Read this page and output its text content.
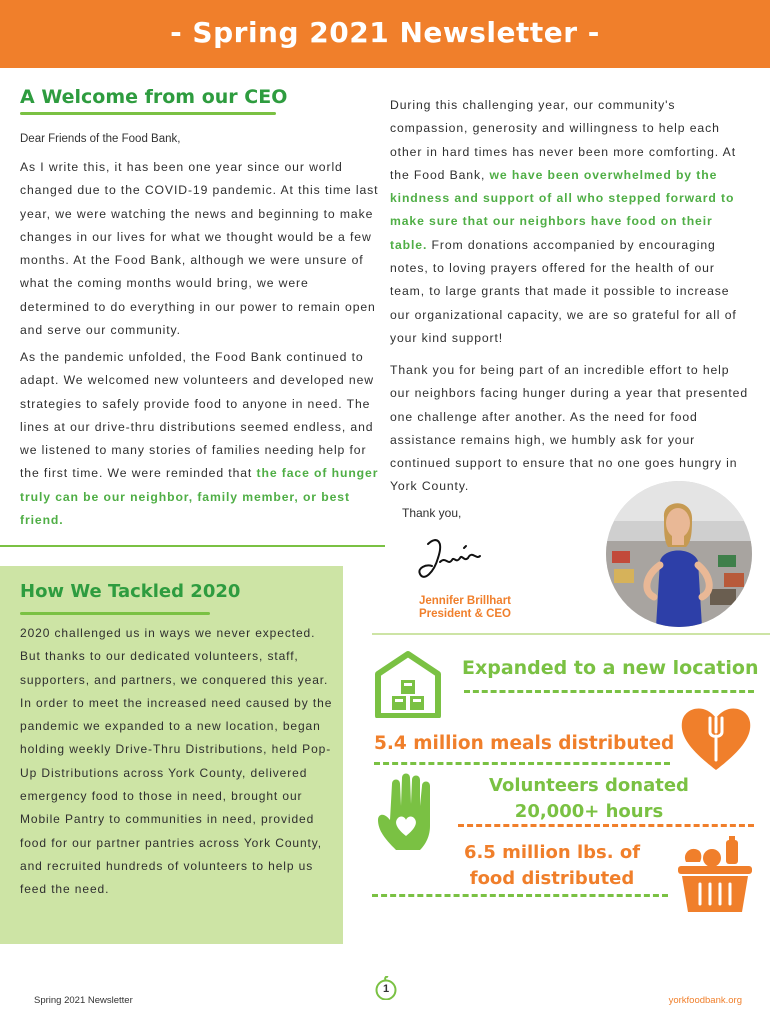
- Spring 2021 Newsletter -
A Welcome from our CEO
Dear Friends of the Food Bank,
As I write this, it has been one year since our world changed due to the COVID-19 pandemic. At this time last year, we were watching the news and beginning to make changes in our lives for what we thought would be a few months. At the Food Bank, although we were unsure of what the coming months would bring, we were determined to do everything in our power to remain open and serve our community.
As the pandemic unfolded, the Food Bank continued to adapt. We welcomed new volunteers and developed new strategies to safely provide food to anyone in need. The lines at our drive-thru distributions seemed endless, and we listened to many stories of families needing help for the first time. We were reminded that the face of hunger truly can be our neighbor, family member, or best friend.
During this challenging year, our community's compassion, generosity and willingness to help each other in hard times has never been more comforting. At the Food Bank, we have been overwhelmed by the kindness and support of all who stepped forward to make sure that our neighbors have food on their table. From donations accompanied by encouraging notes, to loving prayers offered for the health of our team, to large grants that made it possible to increase our organizational capacity, we are so grateful for all of your kind support!
Thank you for being part of an incredible effort to help our neighbors facing hunger during a year that presented one challenge after another. As the need for food assistance remains high, we humbly ask for your continued support to ensure that no one goes hungry in York County.
Thank you,
Jennifer Brillhart
President & CEO
How We Tackled 2020
2020 challenged us in ways we never expected. But thanks to our dedicated volunteers, staff, supporters, and partners, we conquered this year. In order to meet the increased need caused by the pandemic we expanded to a new location, began holding weekly Drive-Thru Distributions, held Pop-Up Distributions across York County, delivered emergency food to those in need, brought our Mobile Pantry to communities in need, provided food for our partner pantries across York County, and recruited hundreds of volunteers to help us feed the need.
Expanded to a new location
5.4 million meals distributed
Volunteers donated
20,000+ hours
6.5 million lbs. of
food distributed
Spring 2021 Newsletter
1
yorkfoodbank.org
